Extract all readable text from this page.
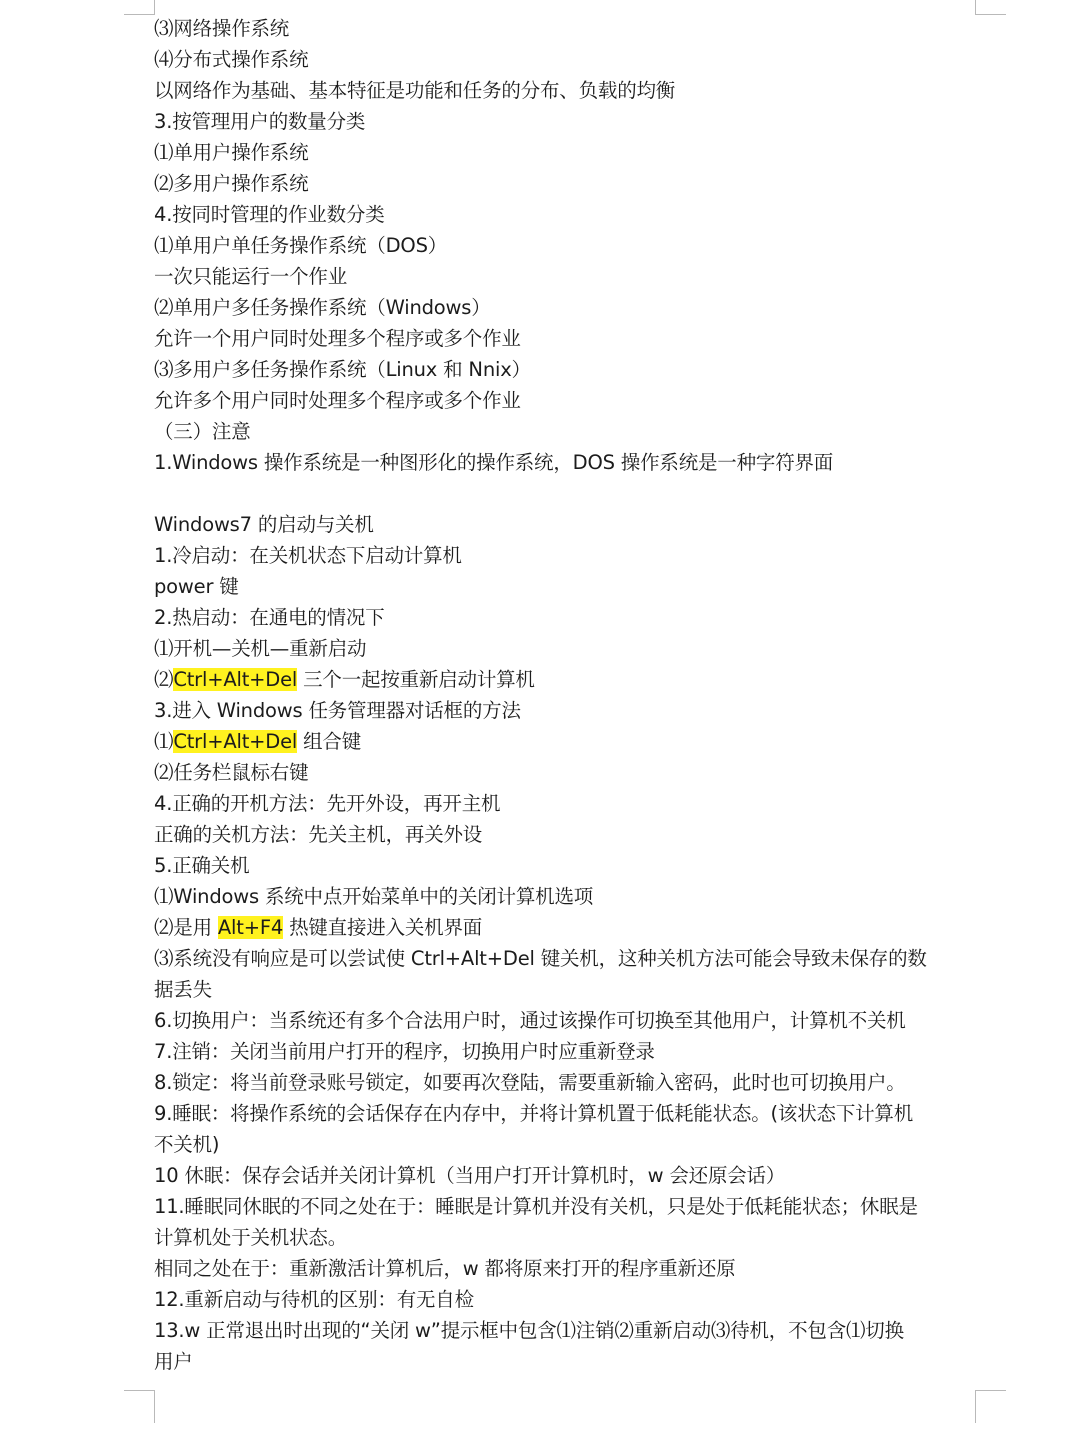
⑶网络操作系统
⑷分布式操作系统
以网络作为基础、基本特征是功能和任务的分布、负载的均衡
3.按管理用户的数量分类
⑴单用户操作系统
⑵多用户操作系统
4.按同时管理的作业数分类
⑴单用户单任务操作系统（DOS）
一次只能运行一个作业
⑵单用户多任务操作系统（Windows）
允许一个用户同时处理多个程序或多个作业
⑶多用户多任务操作系统（Linux 和 Nnix）
允许多个用户同时处理多个程序或多个作业
（三）注意
1.Windows 操作系统是一种图形化的操作系统，DOS 操作系统是一种字符界面
Windows7 的启动与关机
1.冷启动：在关机状态下启动计算机
power 键
2.热启动：在通电的情况下
⑴开机—关机—重新启动
⑵Ctrl+Alt+Del 三个一起按重新启动计算机
3.进入 Windows 任务管理器对话框的方法
⑴Ctrl+Alt+Del 组合键
⑵任务栏鼠标右键
4.正确的开机方法：先开外设，再开主机
正确的关机方法：先关主机，再关外设
5.正确关机
⑴Windows 系统中点开始菜单中的关闭计算机选项
⑵是用 Alt+F4 热键直接进入关机界面
⑶系统没有响应是可以尝试使 Ctrl+Alt+Del 键关机，这种关机方法可能会导致未保存的数
据丢失
6.切换用户：当系统还有多个合法用户时，通过该操作可切换至其他用户，计算机不关机
7.注销：关闭当前用户打开的程序，切换用户时应重新登录
8.锁定：将当前登录账号锁定，如要再次登陆，需要重新输入密码，此时也可切换用户。
9.睡眠：将操作系统的会话保存在内存中，并将计算机置于低耗能状态。(该状态下计算机
不关机)
10 休眠：保存会话并关闭计算机（当用户打开计算机时，w 会还原会话）
11.睡眠同休眠的不同之处在于：睡眠是计算机并没有关机，只是处于低耗能状态；休眠是
计算机处于关机状态。
相同之处在于：重新激活计算机后，w 都将原来打开的程序重新还原
12.重新启动与待机的区别：有无自检
13.w 正常退出时出现的“关闭 w”提示框中包含⑴注销⑵重新启动⑶待机，不包含⑴切换
用户
